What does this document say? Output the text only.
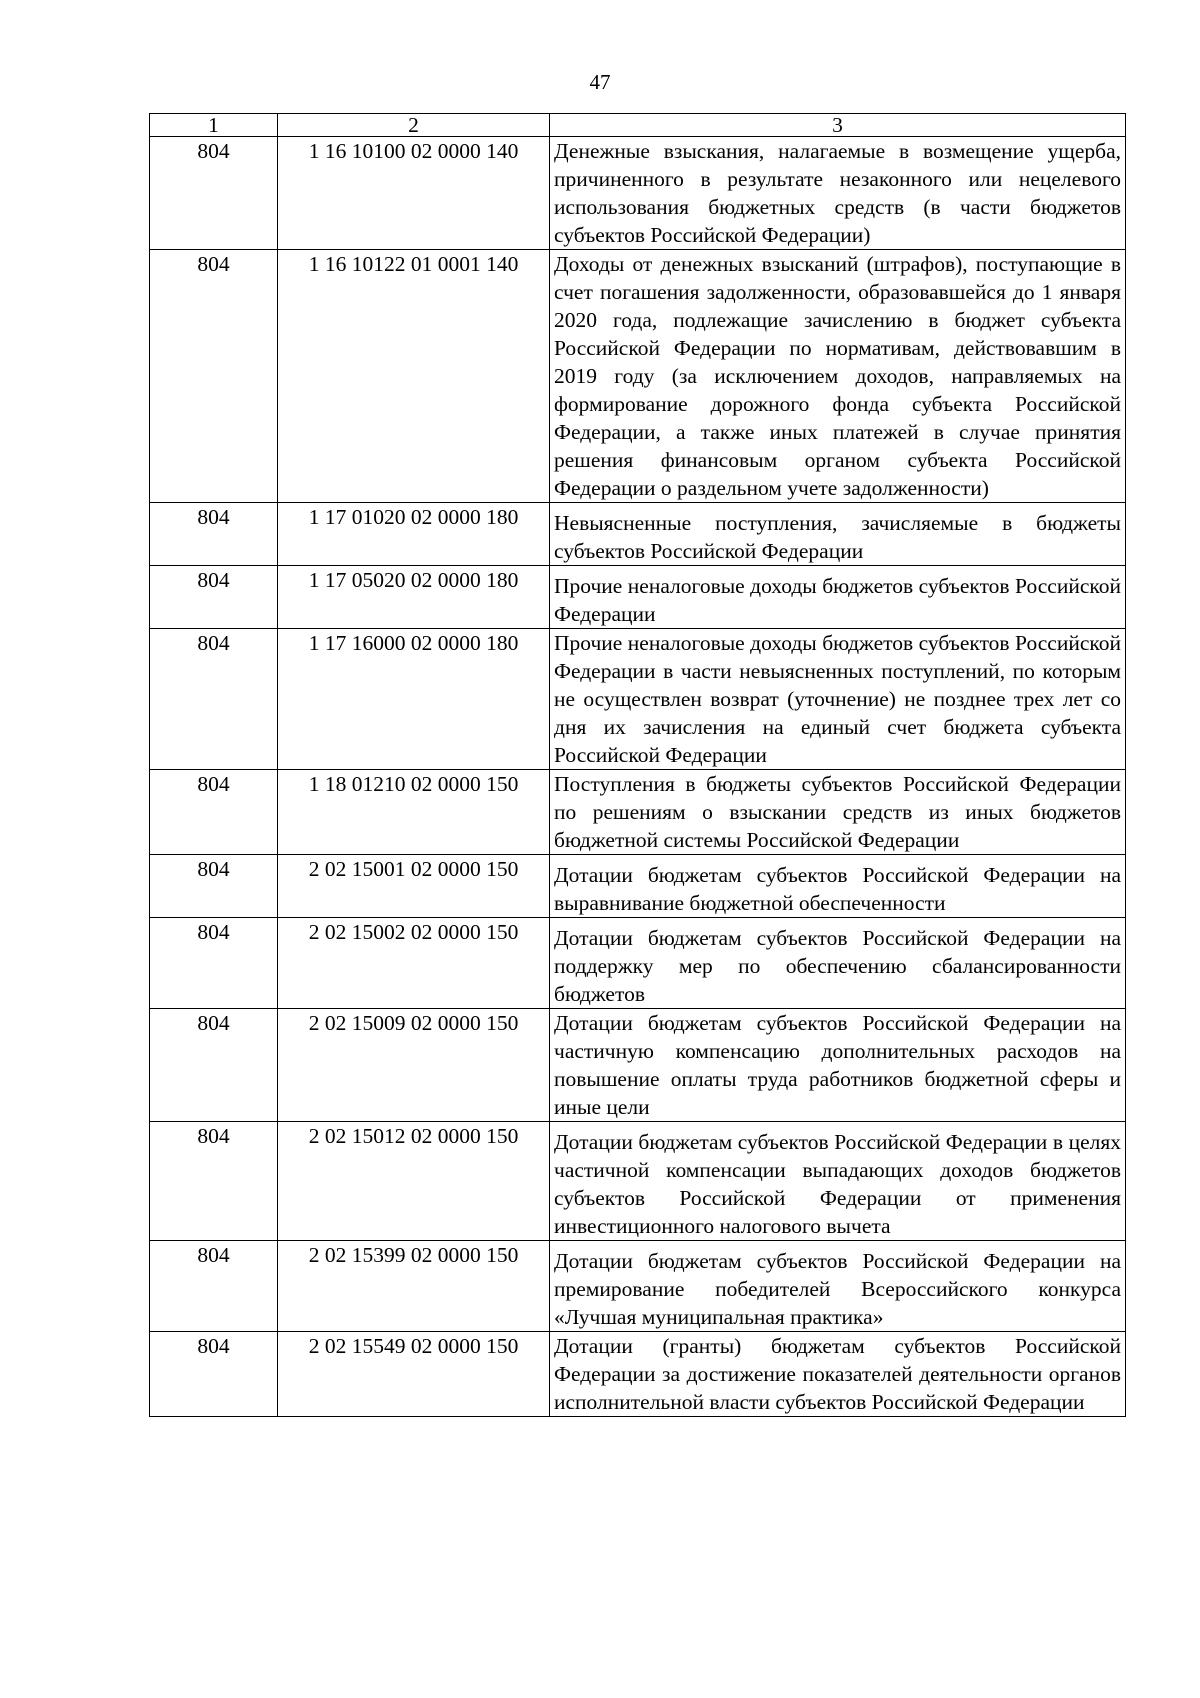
47
1	2	3
804	1 16 10100 02 0000 140	Денежные взыскания, налагаемые в возмещение ущерба, причиненного в результате незаконного или нецелевого использования бюджетных средств (в части бюджетов субъектов Российской Федерации)
804	1 16 10122 01 0001 140	Доходы от денежных взысканий (штрафов), поступающие в счет погашения задолженности, образовавшейся до 1 января 2020 года, подлежащие зачислению в бюджет субъекта Российской Федерации по нормативам, действовавшим в 2019 году (за исключением доходов, направляемых на формирование дорожного фонда субъекта Российской Федерации, а также иных платежей в случае принятия решения финансовым органом субъекта Российской Федерации о раздельном учете задолженности)
804	1 17 01020 02 0000 180	Невыясненные поступления, зачисляемые в бюджеты субъектов Российской Федерации
804	1 17 05020 02 0000 180	Прочие неналоговые доходы бюджетов субъектов Российской Федерации
804	1 17 16000 02 0000 180	Прочие неналоговые доходы бюджетов субъектов Российской Федерации в части невыясненных поступлений, по которым не осуществлен возврат (уточнение) не позднее трех лет со дня их зачисления на единый счет бюджета субъекта Российской Федерации
804	1 18 01210 02 0000 150	Поступления в бюджеты субъектов Российской Федерации по решениям о взыскании средств из иных бюджетов бюджетной системы Российской Федерации
804	2 02 15001 02 0000 150	Дотации бюджетам субъектов Российской Федерации на выравнивание бюджетной обеспеченности
804	2 02 15002 02 0000 150	Дотации бюджетам субъектов Российской Федерации на поддержку мер по обеспечению сбалансированности бюджетов
804	2 02 15009 02 0000 150	Дотации бюджетам субъектов Российской Федерации на частичную компенсацию дополнительных расходов на повышение оплаты труда работников бюджетной сферы и иные цели
804	2 02 15012 02 0000 150	Дотации бюджетам субъектов Российской Федерации в целях частичной компенсации выпадающих доходов бюджетов субъектов Российской Федерации от применения инвестиционного налогового вычета
804	2 02 15399 02 0000 150	Дотации бюджетам субъектов Российской Федерации на премирование победителей Всероссийского конкурса «Лучшая муниципальная практика»
804	2 02 15549 02 0000 150	Дотации (гранты) бюджетам субъектов Российской Федерации за достижение показателей деятельности органов исполнительной власти субъектов Российской Федерации
